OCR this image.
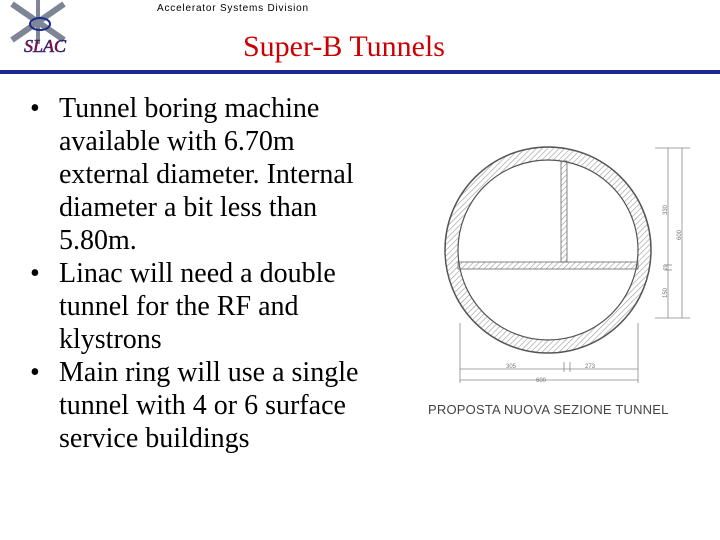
SLAC
Accelerator Systems Division
Super-B Tunnels
• Tunnel boring machine available with 6.70m external diameter. Internal diameter a bit less than 5.80m.
• Linac will need a double tunnel for the RF and klystrons
• Main ring will use a single tunnel with 4 or 6 surface service buildings
330
20
150
600
305	273
600
PROPOSTA NUOVA SEZIONE TUNNEL
